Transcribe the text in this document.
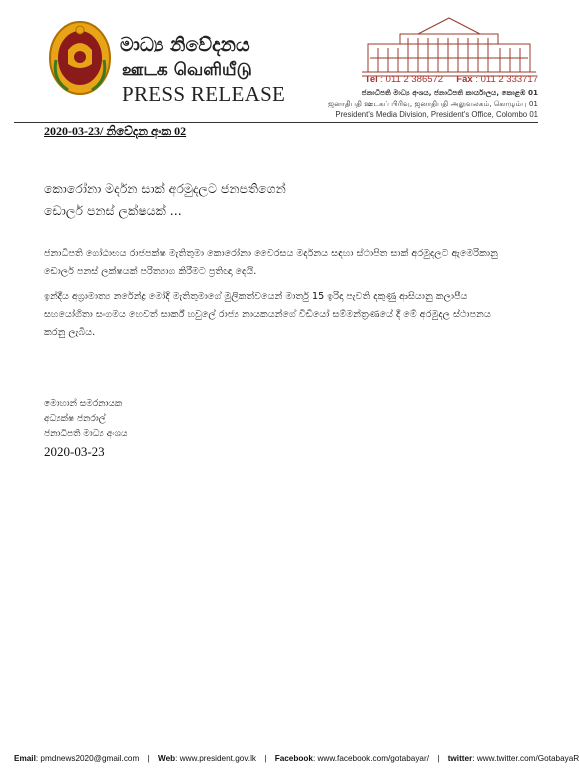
මාධ්‍ය නිවේදනය
ஊடக வெளியீடு
PRESS RELEASE
Tel : 011 2 386572 Fax : 011 2 333717
ජනාධිපති මාධ්‍ය අංශය, ජනාධිපති කාර්යාලය, කොළඹ 01
ஜனாதிபதி ஊடகப் பிரிவு, ஜனாதிபதி அலுவலகம், கொழும்பு 01
President's Media Division, President's Office, Colombo 01
2020-03-23/ නිවේදන අංක 02
කොරෝනා මර්දන සාක් අරමුදලට ජනපතිගෙන්
ඩොලර් පනස් ලක්ෂයක් ...
ජනාධිපති ගෝඨාභය රාජපක්ෂ මැතිතුමා කොරෝනා වෛරසය මර්දනය සඳහා ස්ථාපිත සාක් අරමුදලට ඇමෙරිකානු ඩොලර් පනස් ලක්ෂයක් පරිත්‍යාග කිරීමට ප්‍රතිඥා දෙයි.
ඉන්දීය අග්‍රාමාත්‍ය නරේන්ද්‍ර මෝදි මැතිතුමාගේ මුලිකත්වයෙන් මාර්තු 15 ඉරිදා පැවති දකුණු ආසියානු කලාපීය සහයෝගිතා සංගමය හෙවත් සාර්ක් හවුලේ රාජ්‍ය නායකයන්ගේ වීඩියෝ සම්මන්ත්‍රණයේ දී මේ අරමුදල ස්ථාපනය කරනු ලැබීය.
මොහාන් සමරනායක
අධ්‍යක්ෂ ජනරාල්
ජනාධිපති මාධ්‍ය අංශය
2020-03-23
Email: pmdnews2020@gmail.com | Web: www.president.gov.lk | Facebook: www.facebook.com/gotabayar/ | twitter: www.twitter.com/GotabayaR
